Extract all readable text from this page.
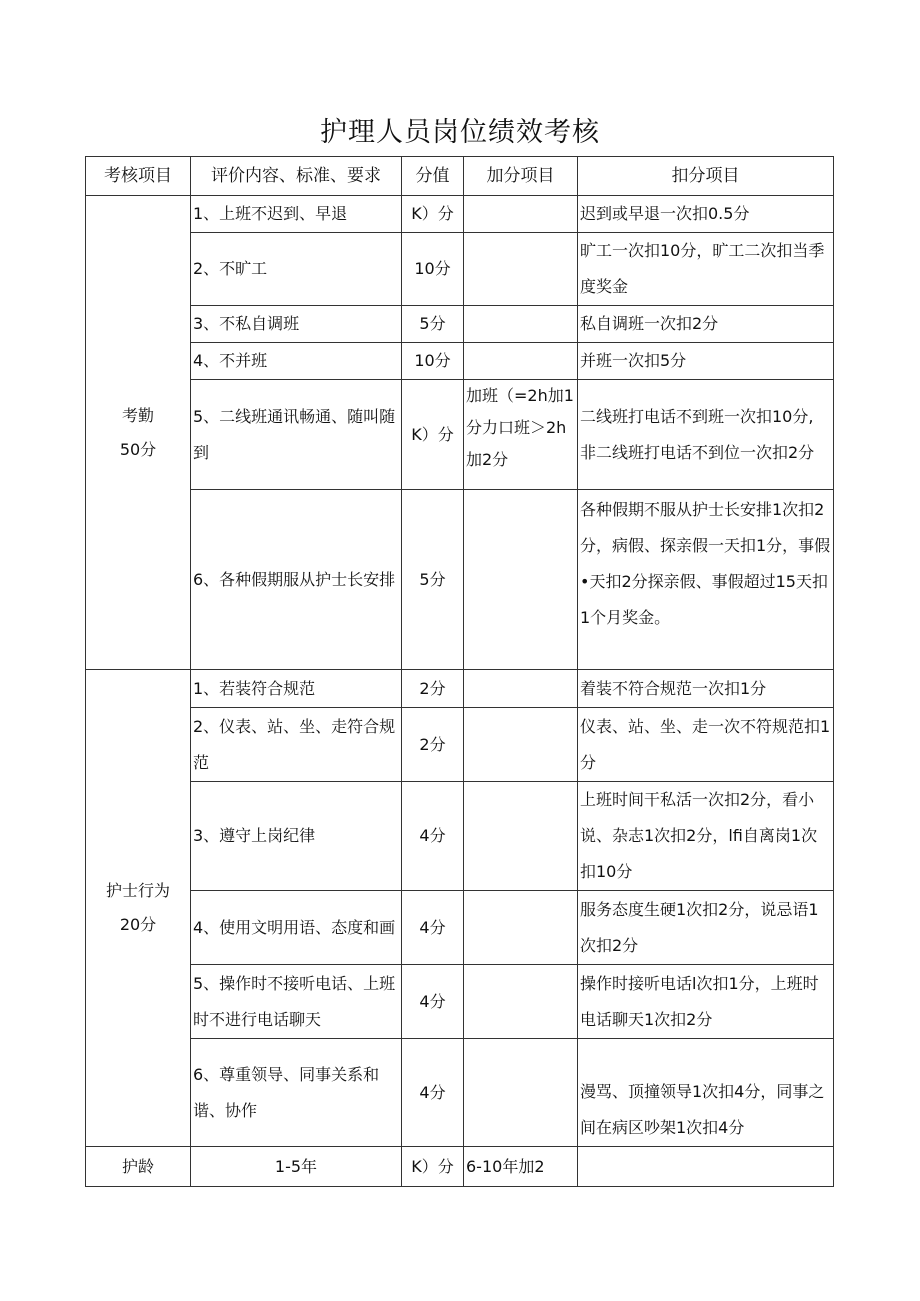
护理人员岗位绩效考核
考核项目	评价内容、标准、要求	分值	加分项目	扣分项目

考勤
50分	1、上班不迟到、早退	K）分		迟到或早退一次扣0.5分
	2、不旷工	10分		旷工一次扣10分，旷工二次扣当季度奖金
	3、不私自调班	5分		私自调班一次扣2分
	4、不并班	10分		并班一次扣5分
	5、二线班通讯畅通、随叫随到	K）分	加班（=2h加1分力口班＞2h 加2分	二线班打电话不到班一次扣10分, 非二线班打电话不到位一次扣2分
	6、各种假期服从护士长安排	5分		各种假期不服从护士长安排1次扣2分，病假、探亲假一天扣1分，事假•天扣2分探亲假、事假超过15天扣1个月奖金。

护士行为
20分	1、若装符合规范	2分		着装不符合规范一次扣1分
	2、仪表、站、坐、走符合规范	2分		仪表、站、坐、走一次不符规范扣1分
	3、遵守上岗纪律	4分		上班时间干私活一次扣2分，看小说、杂志1次扣2分，lfi自离岗1次扣10分
	4、使用文明用语、态度和画	4分		服务态度生硬1次扣2分，说忌语1次扣2分
	5、操作时不接听电话、上班时不进行电话聊天	4分		操作时接听电话l次扣1分，上班时电话聊天1次扣2分
	6、尊重领导、同事关系和谐、协作	4分		漫骂、顶撞领导1次扣4分，同事之间在病区吵架1次扣4分
护龄	1-5年	K）分	6-10年加2	
